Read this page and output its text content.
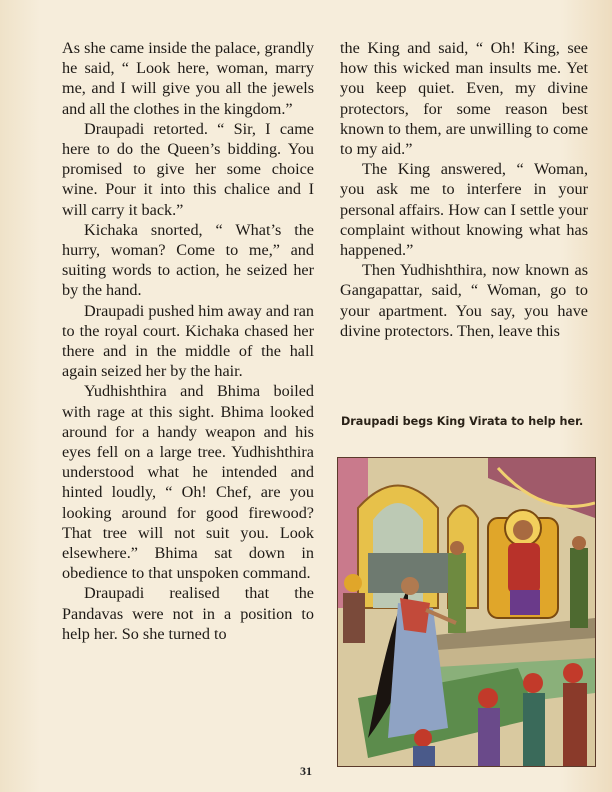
As she came inside the palace, grandly he said, “ Look here, woman, marry me, and I will give you all the jewels and all the clothes in the kingdom.”

Draupadi retorted. “ Sir, I came here to do the Queen’s bidding. You promised to give her some choice wine. Pour it into this chalice and I will carry it back.”

Kichaka snorted, “ What’s the hurry, woman? Come to me,” and suiting words to action, he seized her by the hand.

Draupadi pushed him away and ran to the royal court. Kichaka chased her there and in the middle of the hall again seized her by the hair.

Yudhishthira and Bhima boiled with rage at this sight. Bhima looked around for a handy weapon and his eyes fell on a large tree. Yudhishthira understood what he intended and hinted loudly, “ Oh! Chef, are you looking around for good firewood? That tree will not suit you. Look elsewhere.” Bhima sat down in obedience to that unspoken command.

Draupadi realised that the Pandavas were not in a position to help her. So she turned to

the King and said, “ Oh! King, see how this wicked man insults me. Yet you keep quiet. Even, my divine protectors, for some reason best known to them, are unwilling to come to my aid.”

The King answered, “ Woman, you ask me to interfere in your personal affairs. How can I settle your complaint without knowing what has happened.”

Then Yudhishthira, now known as Gangapattar, said, “ Woman, go to your apartment. You say, you have divine protectors. Then, leave this

Draupadi begs King Virata to help her.
31
